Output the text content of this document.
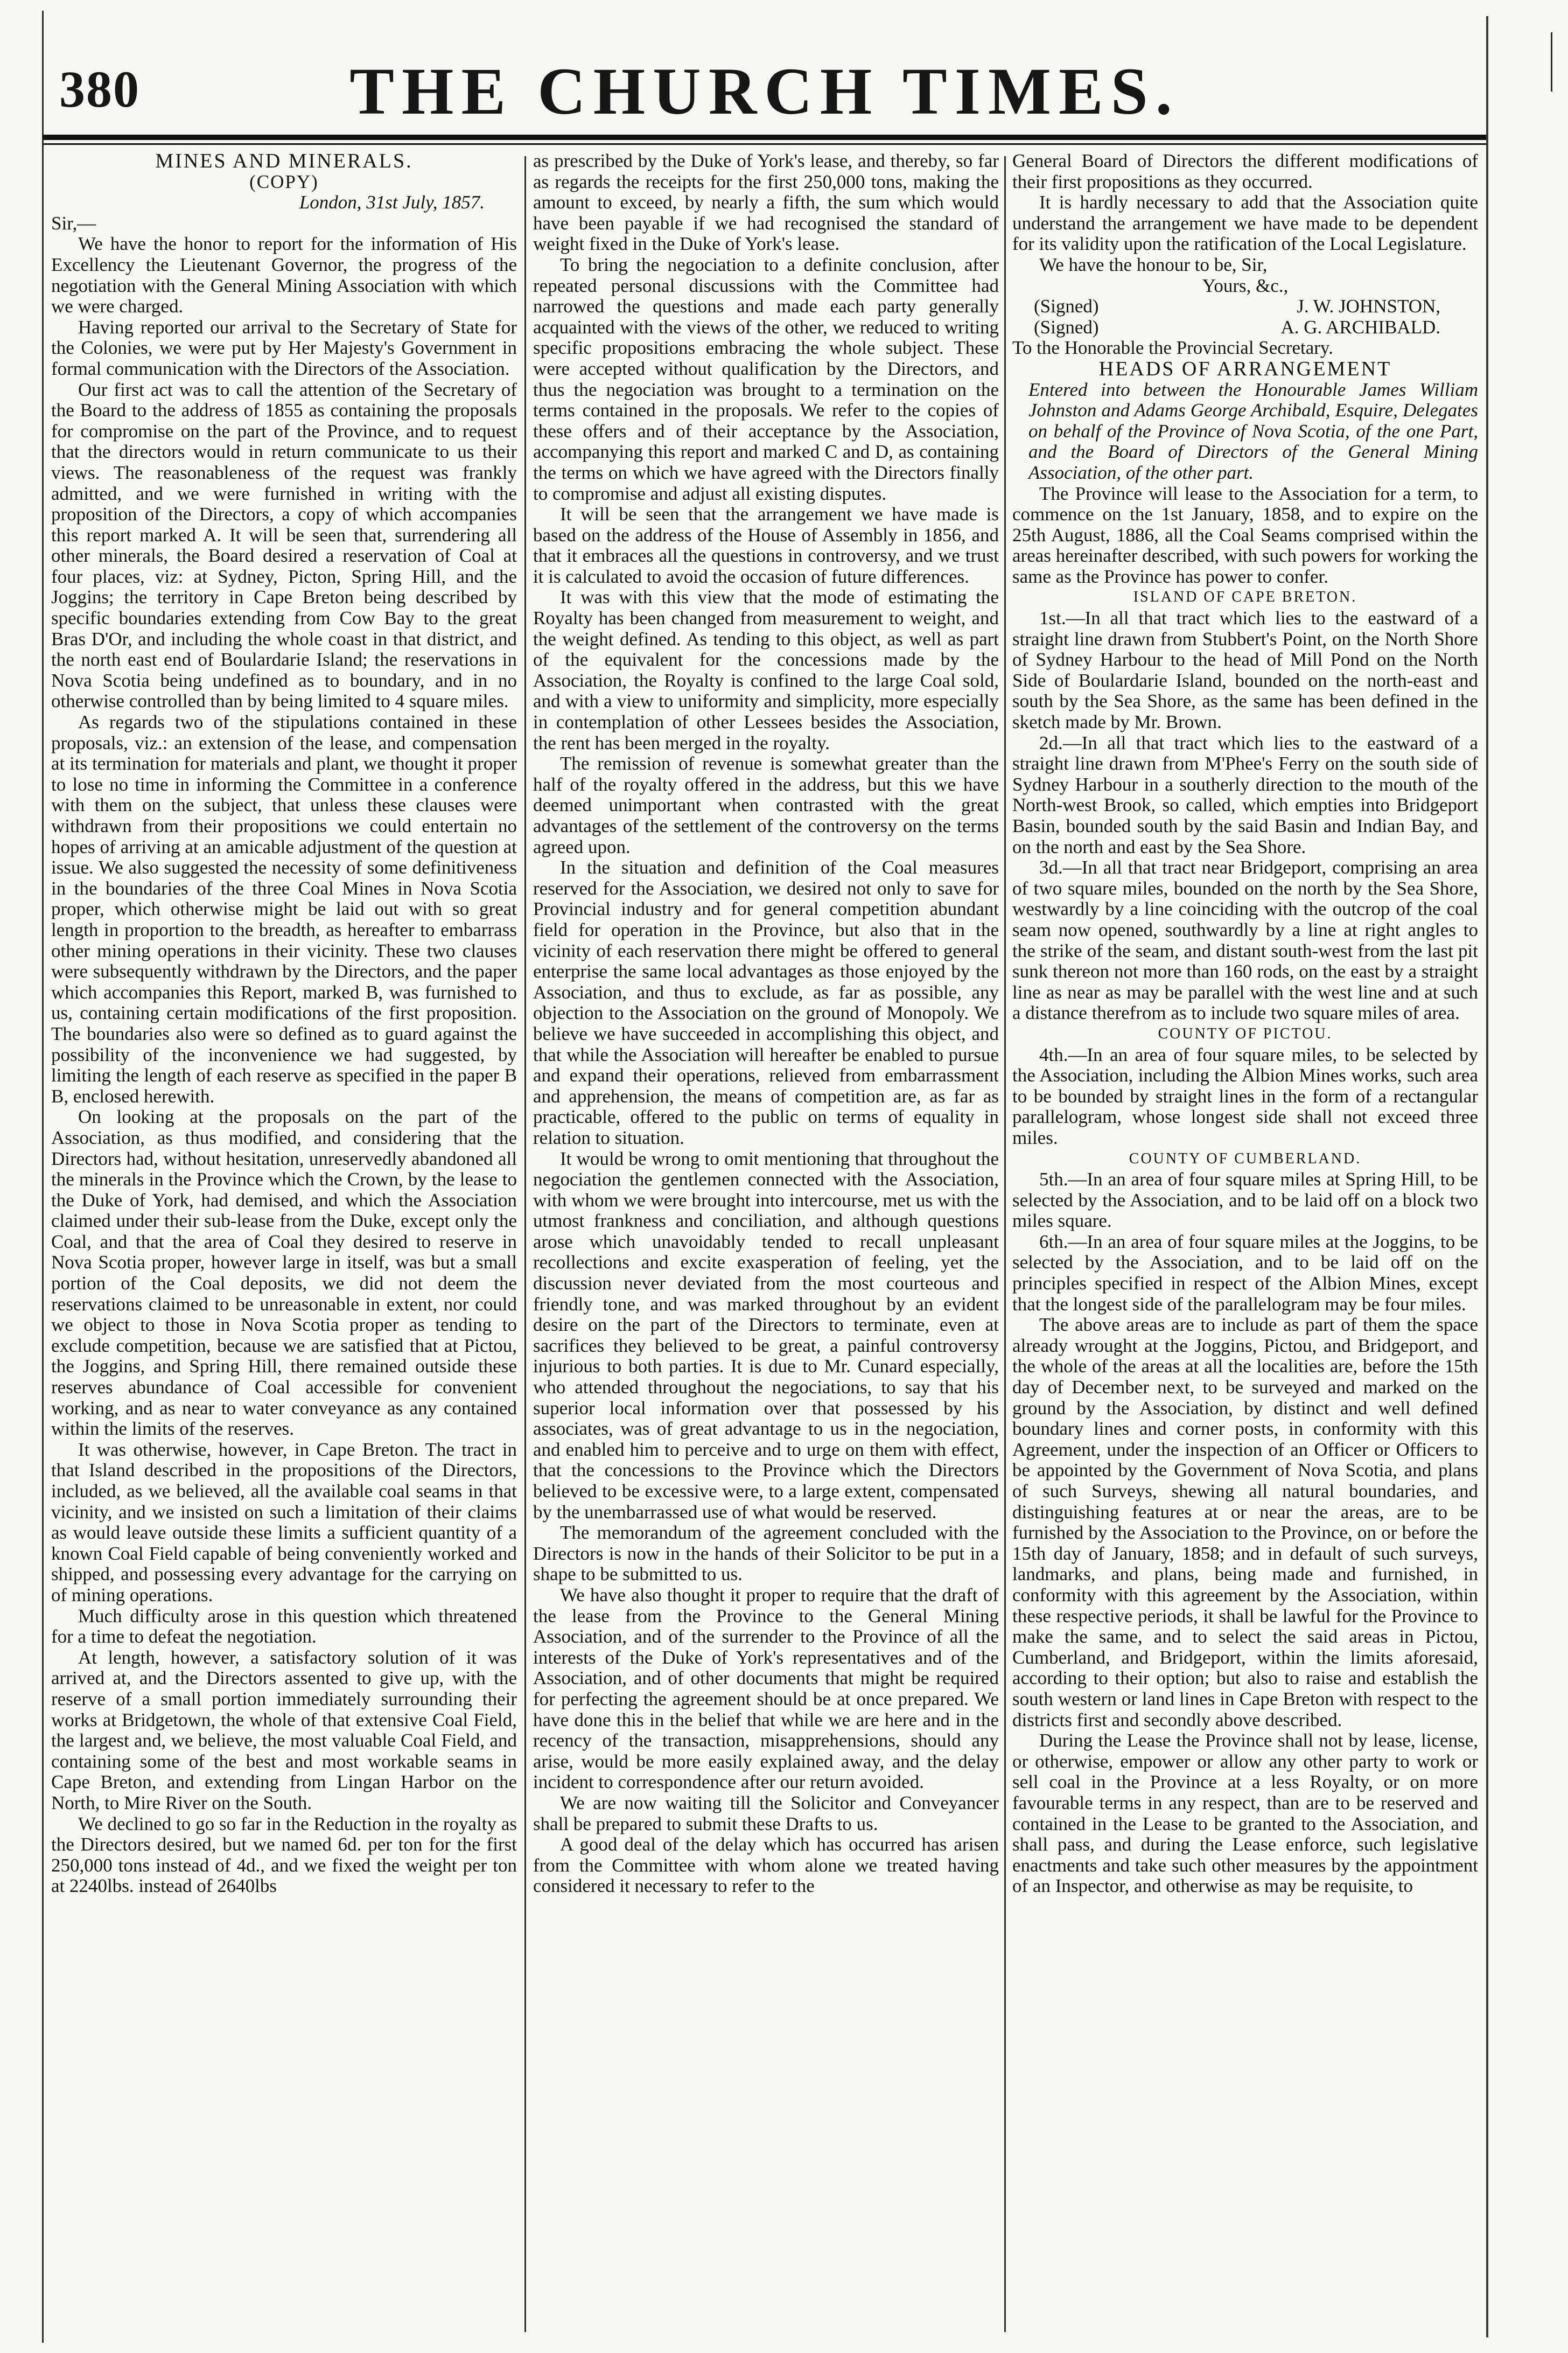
380	THE CHURCH TIMES.

MINES AND MINERALS.

(COPY)

London, 31st July, 1857.

Sir,—

We have the honor to report for the information of His Excellency the Lieutenant Governor, the progress of the negotiation with the General Mining Association with which we were charged.

Having reported our arrival to the Secretary of State for the Colonies, we were put by Her Majesty's Government in formal communication with the Directors of the Association.

Our first act was to call the attention of the Secretary of the Board to the address of 1855 as containing the proposals for compromise on the part of the Province, and to request that the directors would in return communicate to us their views. The reasonableness of the request was frankly admitted, and we were furnished in writing with the proposition of the Directors, a copy of which accompanies this report marked A. It will be seen that, surrendering all other minerals, the Board desired a reservation of Coal at four places, viz: at Sydney, Picton, Spring Hill, and the Joggins; the territory in Cape Breton being described by specific boundaries extending from Cow Bay to the great Bras D'Or, and including the whole coast in that district, and the north east end of Boulardarie Island; the reservations in Nova Scotia being undefined as to boundary, and in no otherwise controlled than by being limited to 4 square miles.

As regards two of the stipulations contained in these proposals, viz.: an extension of the lease, and compensation at its termination for materials and plant, we thought it proper to lose no time in informing the Committee in a conference with them on the subject, that unless these clauses were withdrawn from their propositions we could entertain no hopes of arriving at an amicable adjustment of the question at issue. We also suggested the necessity of some definitiveness in the boundaries of the three Coal Mines in Nova Scotia proper, which otherwise might be laid out with so great length in proportion to the breadth, as hereafter to embarrass other mining operations in their vicinity. These two clauses were subsequently withdrawn by the Directors, and the paper which accompanies this Report, marked B, was furnished to us, containing certain modifications of the first proposition. The boundaries also were so defined as to guard against the possibility of the inconvenience we had suggested, by limiting the length of each reserve as specified in the paper B B, enclosed herewith.

On looking at the proposals on the part of the Association, as thus modified, and considering that the Directors had, without hesitation, unreservedly abandoned all the minerals in the Province which the Crown, by the lease to the Duke of York, had demised, and which the Association claimed under their sub-lease from the Duke, except only the Coal, and that the area of Coal they desired to reserve in Nova Scotia proper, however large in itself, was but a small portion of the Coal deposits, we did not deem the reservations claimed to be unreasonable in extent, nor could we object to those in Nova Scotia proper as tending to exclude competition, because we are satisfied that at Pictou, the Joggins, and Spring Hill, there remained outside these reserves abundance of Coal accessible for convenient working, and as near to water conveyance as any contained within the limits of the reserves.

It was otherwise, however, in Cape Breton. The tract in that Island described in the propositions of the Directors, included, as we believed, all the available coal seams in that vicinity, and we insisted on such a limitation of their claims as would leave outside these limits a sufficient quantity of a known Coal Field capable of being conveniently worked and shipped, and possessing every advantage for the carrying on of mining operations.

Much difficulty arose in this question which threatened for a time to defeat the negotiation.

At length, however, a satisfactory solution of it was arrived at, and the Directors assented to give up, with the reserve of a small portion immediately surrounding their works at Bridgetown, the whole of that extensive Coal Field, the largest and, we believe, the most valuable Coal Field, and containing some of the best and most workable seams in Cape Breton, and extending from Lingan Harbor on the North, to Mire River on the South.

We declined to go so far in the Reduction in the royalty as the Directors desired, but we named 6d. per ton for the first 250,000 tons instead of 4d., and we fixed the weight per ton at 2240lbs. instead of 2640lbs

as prescribed by the Duke of York's lease, and thereby, so far as regards the receipts for the first 250,000 tons, making the amount to exceed, by nearly a fifth, the sum which would have been payable if we had recognised the standard of weight fixed in the Duke of York's lease.

To bring the negociation to a definite conclusion, after repeated personal discussions with the Committee had narrowed the questions and made each party generally acquainted with the views of the other, we reduced to writing specific propositions embracing the whole subject. These were accepted without qualification by the Directors, and thus the negociation was brought to a termination on the terms contained in the proposals. We refer to the copies of these offers and of their acceptance by the Association, accompanying this report and marked C and D, as containing the terms on which we have agreed with the Directors finally to compromise and adjust all existing disputes.

It will be seen that the arrangement we have made is based on the address of the House of Assembly in 1856, and that it embraces all the questions in controversy, and we trust it is calculated to avoid the occasion of future differences.

It was with this view that the mode of estimating the Royalty has been changed from measurement to weight, and the weight defined. As tending to this object, as well as part of the equivalent for the concessions made by the Association, the Royalty is confined to the large Coal sold, and with a view to uniformity and simplicity, more especially in contemplation of other Lessees besides the Association, the rent has been merged in the royalty.

The remission of revenue is somewhat greater than the half of the royalty offered in the address, but this we have deemed unimportant when contrasted with the great advantages of the settlement of the controversy on the terms agreed upon.

In the situation and definition of the Coal measures reserved for the Association, we desired not only to save for Provincial industry and for general competition abundant field for operation in the Province, but also that in the vicinity of each reservation there might be offered to general enterprise the same local advantages as those enjoyed by the Association, and thus to exclude, as far as possible, any objection to the Association on the ground of Monopoly. We believe we have succeeded in accomplishing this object, and that while the Association will hereafter be enabled to pursue and expand their operations, relieved from embarrassment and apprehension, the means of competition are, as far as practicable, offered to the public on terms of equality in relation to situation.

It would be wrong to omit mentioning that throughout the negociation the gentlemen connected with the Association, with whom we were brought into intercourse, met us with the utmost frankness and conciliation, and although questions arose which unavoidably tended to recall unpleasant recollections and excite exasperation of feeling, yet the discussion never deviated from the most courteous and friendly tone, and was marked throughout by an evident desire on the part of the Directors to terminate, even at sacrifices they believed to be great, a painful controversy injurious to both parties. It is due to Mr. Cunard especially, who attended throughout the negociations, to say that his superior local information over that possessed by his associates, was of great advantage to us in the negociation, and enabled him to perceive and to urge on them with effect, that the concessions to the Province which the Directors believed to be excessive were, to a large extent, compensated by the unembarrassed use of what would be reserved.

The memorandum of the agreement concluded with the Directors is now in the hands of their Solicitor to be put in a shape to be submitted to us.

We have also thought it proper to require that the draft of the lease from the Province to the General Mining Association, and of the surrender to the Province of all the interests of the Duke of York's representatives and of the Association, and of other documents that might be required for perfecting the agreement should be at once prepared. We have done this in the belief that while we are here and in the recency of the transaction, misapprehensions, should any arise, would be more easily explained away, and the delay incident to correspondence after our return avoided.

We are now waiting till the Solicitor and Conveyancer shall be prepared to submit these Drafts to us.

A good deal of the delay which has occurred has arisen from the Committee with whom alone we treated having considered it necessary to refer to the

General Board of Directors the different modifications of their first propositions as they occurred.

It is hardly necessary to add that the Association quite understand the arrangement we have made to be dependent for its validity upon the ratification of the Local Legislature.

We have the honour to be, Sir,

Yours, &c.,

(Signed)	J. W. JOHNSTON,

(Signed)	A. G. ARCHIBALD.

To the Honorable the Provincial Secretary.

HEADS OF ARRANGEMENT

Entered into between the Honourable James William Johnston and Adams George Archibald, Esquire, Delegates on behalf of the Province of Nova Scotia, of the one Part, and the Board of Directors of the General Mining Association, of the other part.

The Province will lease to the Association for a term, to commence on the 1st January, 1858, and to expire on the 25th August, 1886, all the Coal Seams comprised within the areas hereinafter described, with such powers for working the same as the Province has power to confer.

ISLAND OF CAPE BRETON.

1st.—In all that tract which lies to the eastward of a straight line drawn from Stubbert's Point, on the North Shore of Sydney Harbour to the head of Mill Pond on the North Side of Boulardarie Island, bounded on the north-east and south by the Sea Shore, as the same has been defined in the sketch made by Mr. Brown.

2d.—In all that tract which lies to the eastward of a straight line drawn from M'Phee's Ferry on the south side of Sydney Harbour in a southerly direction to the mouth of the North-west Brook, so called, which empties into Bridgeport Basin, bounded south by the said Basin and Indian Bay, and on the north and east by the Sea Shore.

3d.—In all that tract near Bridgeport, comprising an area of two square miles, bounded on the north by the Sea Shore, westwardly by a line coinciding with the outcrop of the coal seam now opened, southwardly by a line at right angles to the strike of the seam, and distant south-west from the last pit sunk thereon not more than 160 rods, on the east by a straight line as near as may be parallel with the west line and at such a distance therefrom as to include two square miles of area.

COUNTY OF PICTOU.

4th.—In an area of four square miles, to be selected by the Association, including the Albion Mines works, such area to be bounded by straight lines in the form of a rectangular parallelogram, whose longest side shall not exceed three miles.

COUNTY OF CUMBERLAND.

5th.—In an area of four square miles at Spring Hill, to be selected by the Association, and to be laid off on a block two miles square.

6th.—In an area of four square miles at the Joggins, to be selected by the Association, and to be laid off on the principles specified in respect of the Albion Mines, except that the longest side of the parallelogram may be four miles.

The above areas are to include as part of them the space already wrought at the Joggins, Pictou, and Bridgeport, and the whole of the areas at all the localities are, before the 15th day of December next, to be surveyed and marked on the ground by the Association, by distinct and well defined boundary lines and corner posts, in conformity with this Agreement, under the inspection of an Officer or Officers to be appointed by the Government of Nova Scotia, and plans of such Surveys, shewing all natural boundaries, and distinguishing features at or near the areas, are to be furnished by the Association to the Province, on or before the 15th day of January, 1858; and in default of such surveys, landmarks, and plans, being made and furnished, in conformity with this agreement by the Association, within these respective periods, it shall be lawful for the Province to make the same, and to select the said areas in Pictou, Cumberland, and Bridgeport, within the limits aforesaid, according to their option; but also to raise and establish the south western or land lines in Cape Breton with respect to the districts first and secondly above described.

During the Lease the Province shall not by lease, license, or otherwise, empower or allow any other party to work or sell coal in the Province at a less Royalty, or on more favourable terms in any respect, than are to be reserved and contained in the Lease to be granted to the Association, and shall pass, and during the Lease enforce, such legislative enactments and take such other measures by the appointment of an Inspector, and otherwise as may be requisite, to
